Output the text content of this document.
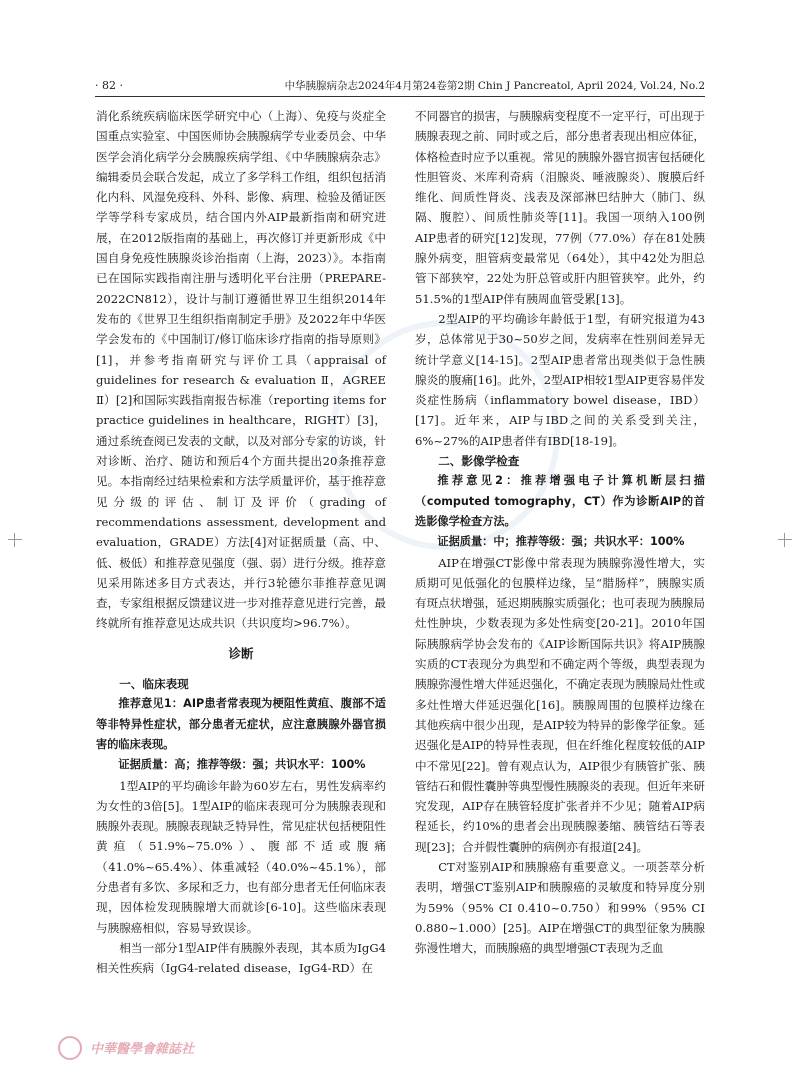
· 82 ·	中华胰腺病杂志2024年4月第24卷第2期 Chin J Pancreatol, April 2024, Vol.24, No.2

消化系统疾病临床医学研究中心（上海）、免疫与炎症全国重点实验室、中国医师协会胰腺病学专业委员会、中华医学会消化病学分会胰腺疾病学组、《中华胰腺病杂志》编辑委员会联合发起，成立了多学科工作组，组织包括消化内科、风湿免疫科、外科、影像、病理、检验及循证医学等学科专家成员，结合国内外AIP最新指南和研究进展，在2012版指南的基础上，再次修订并更新形成《中国自身免疫性胰腺炎诊治指南（上海，2023）》。本指南已在国际实践指南注册与透明化平台注册（PREPARE-2022CN812），设计与制订遵循世界卫生组织2014年发布的《世界卫生组织指南制定手册》及2022年中华医学会发布的《中国制订/修订临床诊疗指南的指导原则》[1]，并参考指南研究与评价工具（appraisal of guidelines for research & evaluation Ⅱ，AGREE Ⅱ）[2]和国际实践指南报告标准（reporting items for practice guidelines in healthcare，RIGHT）[3]，通过系统查阅已发表的文献，以及对部分专家的访谈，针对诊断、治疗、随访和预后4个方面共提出20条推荐意见。本指南经过结果检索和方法学质量评价，基于推荐意见分级的评估、制订及评价（grading of recommendations assessment, development and evaluation，GRADE）方法[4]对证据质量（高、中、低、极低）和推荐意见强度（强、弱）进行分级。推荐意见采用陈述多目方式表达，并行3轮德尔菲推荐意见调查，专家组根据反馈建议进一步对推荐意见进行完善，最终就所有推荐意见达成共识（共识度均>96.7%）。

诊断

一、临床表现

推荐意见1：AIP患者常表现为梗阻性黄疸、腹部不适等非特异性症状，部分患者无症状，应注意胰腺外器官损害的临床表现。

证据质量：高；推荐等级：强；共识水平：100%

1型AIP的平均确诊年龄为60岁左右，男性发病率约为女性的3倍[5]。1型AIP的临床表现可分为胰腺表现和胰腺外表现。胰腺表现缺乏特异性，常见症状包括梗阻性黄疸（51.9%~75.0%）、腹部不适或腹痛（41.0%~65.4%）、体重减轻（40.0%~45.1%），部分患者有多饮、多尿和乏力，也有部分患者无任何临床表现，因体检发现胰腺增大而就诊[6-10]。这些临床表现与胰腺癌相似，容易导致误诊。

相当一部分1型AIP伴有胰腺外表现，其本质为IgG4相关性疾病（IgG4-related disease，IgG4-RD）在

不同器官的损害，与胰腺病变程度不一定平行，可出现于胰腺表现之前、同时或之后，部分患者表现出相应体征，体格检查时应予以重视。常见的胰腺外器官损害包括硬化性胆管炎、米库利奇病（泪腺炎、唾液腺炎）、腹膜后纤维化、间质性肾炎、浅表及深部淋巴结肿大（肺门、纵隔、腹腔）、间质性肺炎等[11]。我国一项纳入100例AIP患者的研究[12]发现，77例（77.0%）存在81处胰腺外病变，胆管病变最常见（64处），其中42处为胆总管下部狭窄，22处为肝总管或肝内胆管狭窄。此外，约51.5%的1型AIP伴有胰周血管受累[13]。

2型AIP的平均确诊年龄低于1型，有研究报道为43岁，总体常见于30~50岁之间，发病率在性别间差异无统计学意义[14-15]。2型AIP患者常出现类似于急性胰腺炎的腹痛[16]。此外，2型AIP相较1型AIP更容易伴发炎症性肠病（inflammatory bowel disease，IBD）[17]。近年来，AIP与IBD之间的关系受到关注，6%~27%的AIP患者伴有IBD[18-19]。

二、影像学检查

推荐意见2：推荐增强电子计算机断层扫描（computed tomography，CT）作为诊断AIP的首选影像学检查方法。

证据质量：中；推荐等级：强；共识水平：100%

AIP在增强CT影像中常表现为胰腺弥漫性增大，实质期可见低强化的包膜样边缘，呈“腊肠样”，胰腺实质有斑点状增强，延迟期胰腺实质强化；也可表现为胰腺局灶性肿块，少数表现为多处性病变[20-21]。2010年国际胰腺病学协会发布的《AIP诊断国际共识》将AIP胰腺实质的CT表现分为典型和不确定两个等级，典型表现为胰腺弥漫性增大伴延迟强化，不确定表现为胰腺局灶性或多灶性增大伴延迟强化[16]。胰腺周围的包膜样边缘在其他疾病中很少出现，是AIP较为特异的影像学征象。延迟强化是AIP的特异性表现，但在纤维化程度较低的AIP中不常见[22]。曾有观点认为，AIP很少有胰管扩张、胰管结石和假性囊肿等典型慢性胰腺炎的表现。但近年来研究发现，AIP存在胰管轻度扩张者并不少见；随着AIP病程延长，约10%的患者会出现胰腺萎缩、胰管结石等表现[23]；合并假性囊肿的病例亦有报道[24]。

CT对鉴别AIP和胰腺癌有重要意义。一项荟萃分析表明，增强CT鉴别AIP和胰腺癌的灵敏度和特异度分别为59%（95% CI 0.410~0.750）和99%（95% CI 0.880~1.000）[25]。AIP在增强CT的典型征象为胰腺弥漫性增大，而胰腺癌的典型增强CT表现为乏血

中華醫學會雜誌社
